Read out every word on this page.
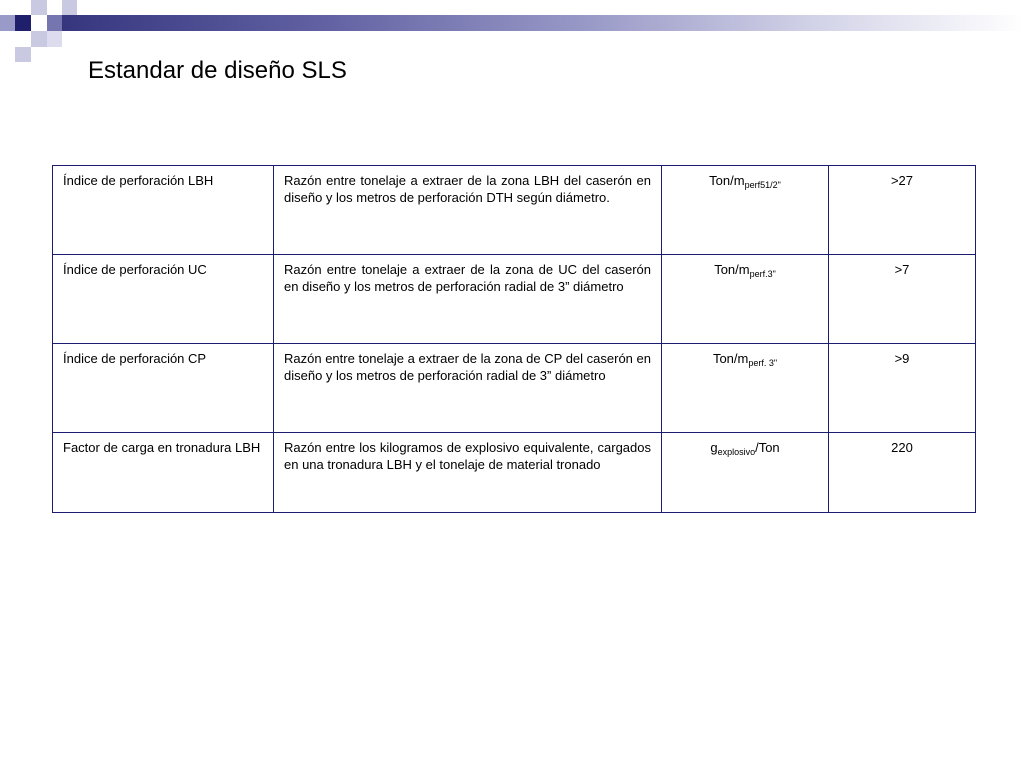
Estandar de diseño SLS
Índice de perforación LBH	Razón entre tonelaje a extraer de la zona LBH del caserón en diseño y los metros de perforación DTH según diámetro.	Ton/$m_{perf51/2"}$	>27
Índice de perforación UC	Razón entre tonelaje a extraer de la zona de UC del caserón en diseño y los metros de perforación radial de 3” diámetro	Ton/$m_{perf.3"}$	>7
Índice de perforación CP	Razón entre tonelaje a extraer de la zona de CP del caserón en diseño y los metros de perforación radial de 3” diámetro	Ton/$m_{perf. 3"}$	>9
Factor de carga en tronadura LBH	Razón entre los kilogramos de explosivo equivalente, cargados en una tronadura LBH y el tonelaje de material tronado	$g_{explosivo}$/Ton	220
